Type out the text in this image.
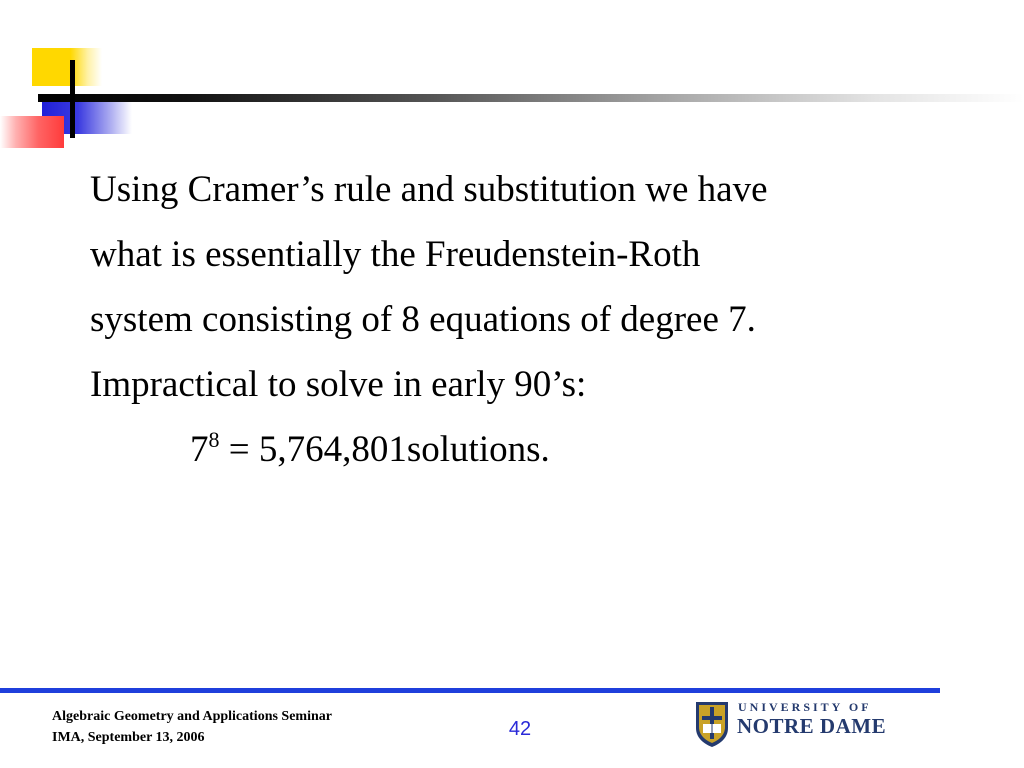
Using Cramer’s rule and substitution we have
what is essentially the Freudenstein-Roth
system consisting of 8 equations of degree 7.
Impractical to solve in early 90’s:
$7^8$ = 5,764,801solutions.
Algebraic Geometry and Applications Seminar
IMA, September 13, 2006	42
UNIVERSITY OF
NOTRE DAME
